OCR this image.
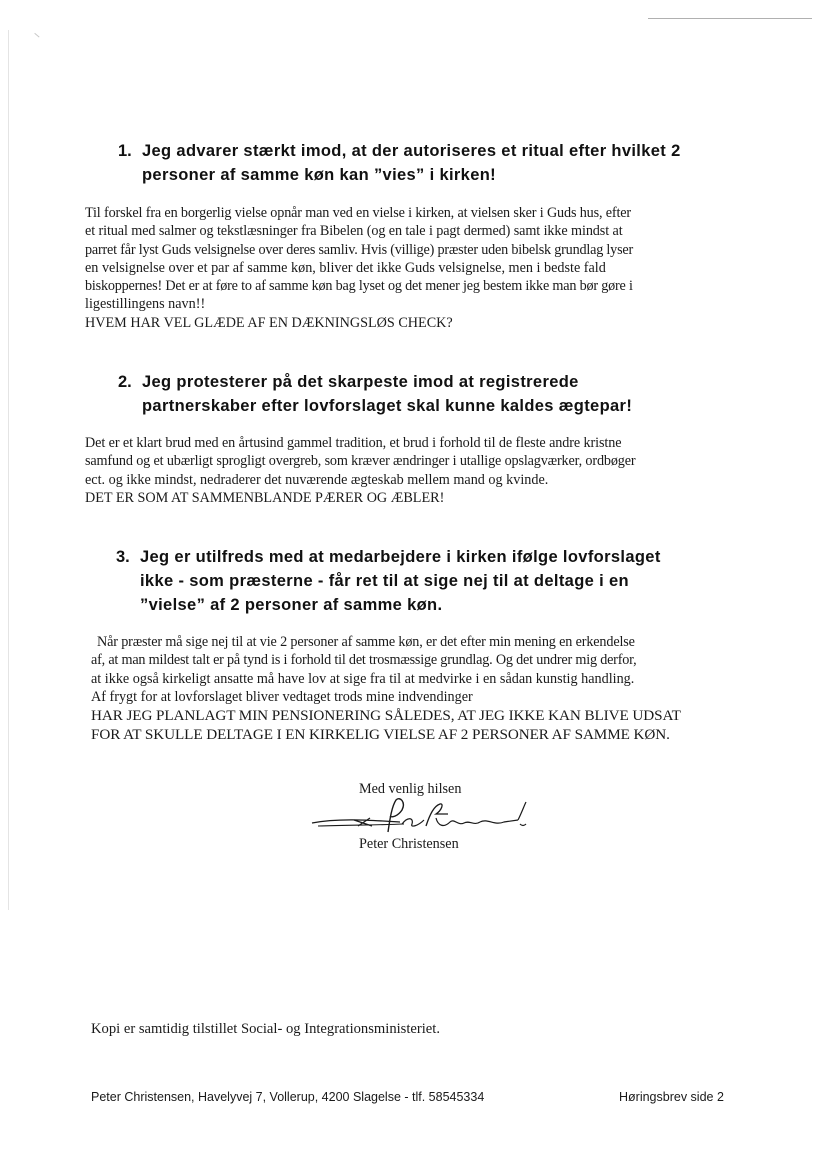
1. Jeg advarer stærkt imod, at der autoriseres et ritual efter hvilket 2
personer af samme køn kan ”vies” i kirken!
Til forskel fra en borgerlig vielse opnår man ved en vielse i kirken, at vielsen sker i Guds hus, efter
et ritual med salmer og tekstlæsninger fra Bibelen (og en tale i pagt dermed) samt ikke mindst at
parret får lyst Guds velsignelse over deres samliv. Hvis (villige) præster uden bibelsk grundlag lyser
en velsignelse over et par af samme køn, bliver det ikke Guds velsignelse, men i bedste fald
biskoppernes! Det er at føre to af samme køn bag lyset og det mener jeg bestem ikke man bør gøre i
ligestillingens navn!!
HVEM HAR VEL GLÆDE AF EN DÆKNINGSLØS CHECK?
2. Jeg protesterer på det skarpeste imod at registrerede
partnerskaber efter lovforslaget skal kunne kaldes ægtepar!
Det er et klart brud med en årtusind gammel tradition, et brud i forhold til de fleste andre kristne
samfund og et ubærligt sprogligt overgreb, som kræver ændringer i utallige opslagværker, ordbøger
ect. og ikke mindst, nedraderer det nuværende ægteskab mellem mand og kvinde.
DET ER SOM AT SAMMENBLANDE PÆRER OG ÆBLER!
3. Jeg er utilfreds med at medarbejdere i kirken ifølge lovforslaget
ikke - som præsterne - får ret til at sige nej til at deltage i en
”vielse” af 2 personer af samme køn.
Når præster må sige nej til at vie 2 personer af samme køn, er det efter min mening en erkendelse
af, at man mildest talt er på tynd is i forhold til det trosmæssige grundlag. Og det undrer mig derfor,
at ikke også kirkeligt ansatte må have lov at sige fra til at medvirke i en sådan kunstig handling.
Af frygt for at lovforslaget bliver vedtaget trods mine indvendinger
HAR JEG PLANLAGT MIN PENSIONERING SÅLEDES, AT JEG IKKE KAN BLIVE UDSAT
FOR AT SKULLE DELTAGE I EN KIRKELIG VIELSE AF 2 PERSONER AF SAMME KØN.
Med venlig hilsen
Peter Christensen
Kopi er samtidig tilstillet Social- og Integrationsministeriet.
Peter Christensen, Havelyvej 7, Vollerup, 4200 Slagelse - tlf. 58545334	Høringsbrev side 2
